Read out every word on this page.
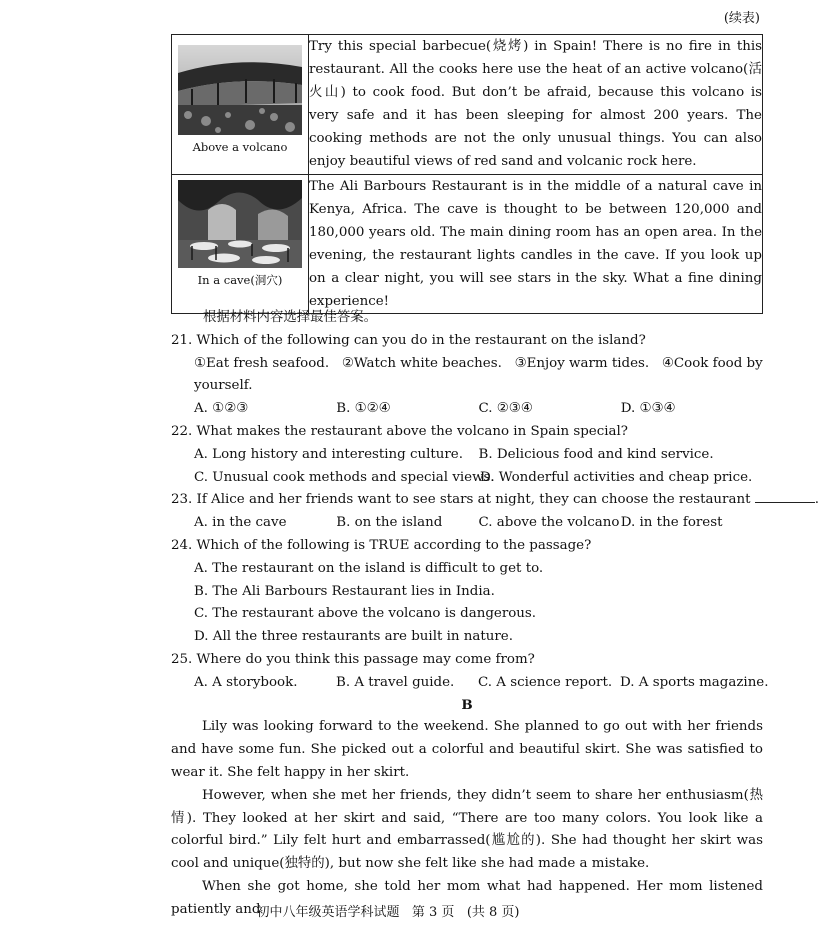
(续表)
Above a volcano	Try this special barbecue(烧烤) in Spain! There is no fire in this restaurant. All the cooks here use the heat of an active volcano(活火山) to cook food. But don’t be afraid, because this volcano is very safe and it has been sleeping for almost 200 years. The cooking methods are not the only unusual things. You can also enjoy beautiful views of red sand and volcanic rock here.

In a cave(洞穴)	The Ali Barbours Restaurant is in the middle of a natural cave in Kenya, Africa. The cave is thought to be between 120,000 and 180,000 years old. The main dining room has an open area. In the evening, the restaurant lights candles in the cave. If you look up on a clear night, you will see stars in the sky. What a fine dining experience!
根据材料内容选择最佳答案。
21. Which of the following can you do in the restaurant on the island?
①Eat fresh seafood.   ②Watch white beaches.   ③Enjoy warm tides.   ④Cook food by
yourself.
A. ①②③	B. ①②④	C. ②③④	D. ①③④
22. What makes the restaurant above the volcano in Spain special?
A. Long history and interesting culture.	B. Delicious food and kind service.
C. Unusual cook methods and special views.
D. Wonderful activities and cheap price.
23. If Alice and her friends want to see stars at night, they can choose the restaurant	.
A. in the cave	B. on the island	C. above the volcano D. in the forest
24. Which of the following is TRUE according to the passage?
A. The restaurant on the island is difficult to get to.
B. The Ali Barbours Restaurant lies in India.
C. The restaurant above the volcano is dangerous.
D. All the three restaurants are built in nature.
25. Where do you think this passage may come from?
A. A storybook.	B. A travel guide.	C. A science report. D. A sports magazine.
B

Lily was looking forward to the weekend. She planned to go out with her friends and have some fun. She picked out a colorful and beautiful skirt. She was satisfied to wear it. She felt happy in her skirt.

However, when she met her friends, they didn’t seem to share her enthusiasm(热情). They looked at her skirt and said, “There are too many colors. You look like a colorful bird.” Lily felt hurt and embarrassed(尴尬的). She had thought her skirt was cool and unique(独特的), but now she felt like she had made a mistake.

When she got home, she told her mom what had happened. Her mom listened patiently and

初中八年级英语学科试题   第 3 页   (共 8 页)
